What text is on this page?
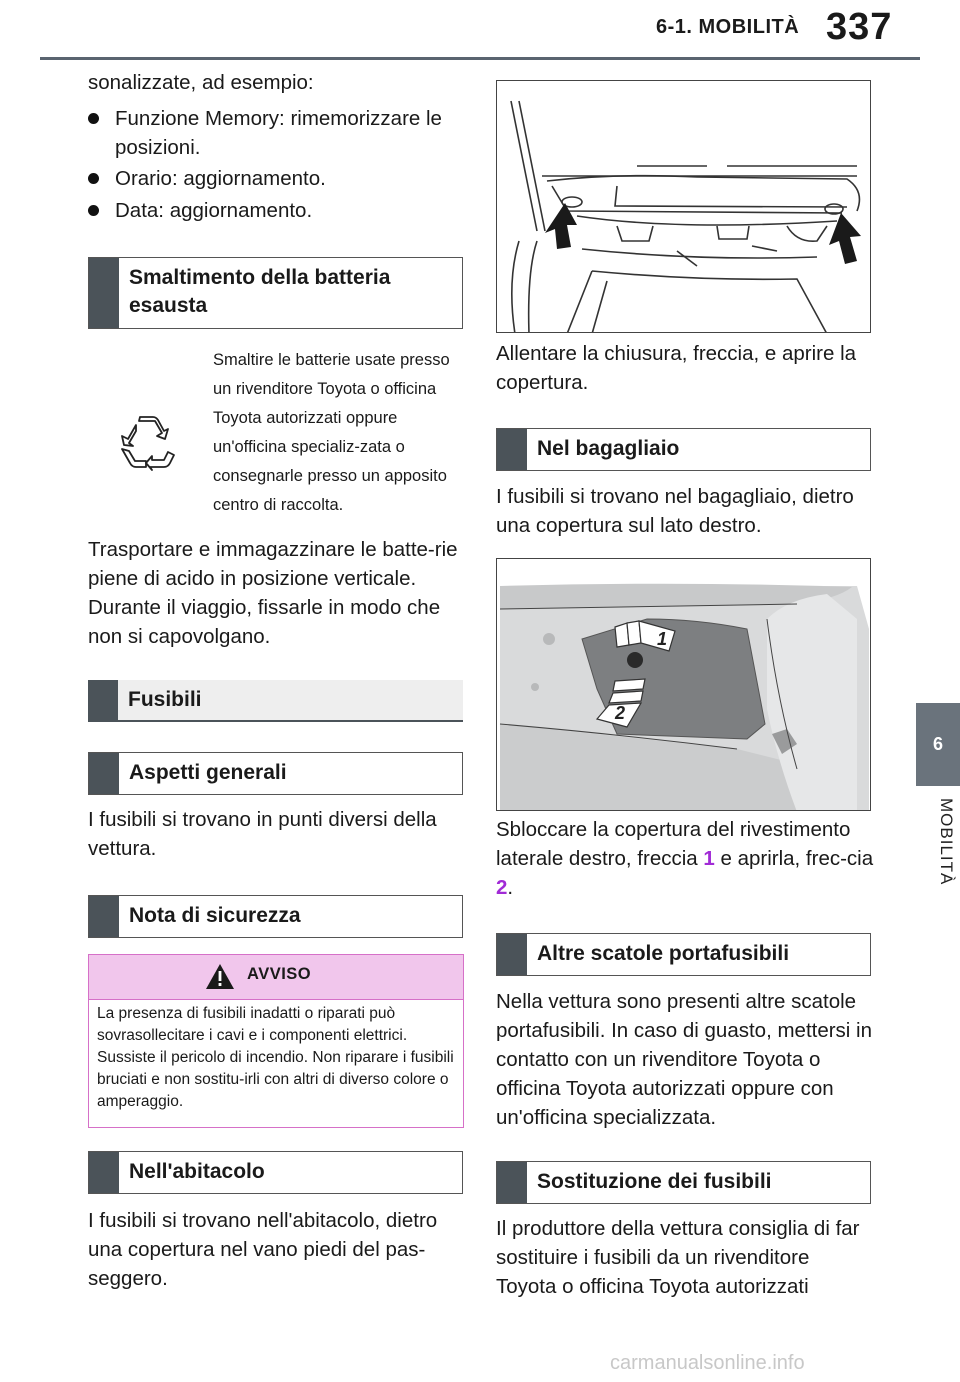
6-1. MOBILITÀ 337
6
MOBILITÀ
sonalizzate, ad esempio:
Funzione Memory: rimemorizzare le posizioni.
Orario: aggiornamento.
Data: aggiornamento.
Smaltimento della batteria esausta
Smaltire le batterie usate presso un rivenditore Toyota o officina Toyota autorizzati oppure un'officina specializ-zata o consegnarle presso un apposito centro di raccolta.
Trasportare e immagazzinare le batte-rie piene di acido in posizione verticale. Durante il viaggio, fissarle in modo che non si capovolgano.
Fusibili
Aspetti generali
I fusibili si trovano in punti diversi della vettura.
Nota di sicurezza
AVVISO
La presenza di fusibili inadatti o riparati può sovrasollecitare i cavi e i componenti elettrici. Sussiste il pericolo di incendio. Non riparare i fusibili bruciati e non sostitu-irli con altri di diverso colore o amperaggio.
Nell'abitacolo
I fusibili si trovano nell'abitacolo, dietro una copertura nel vano piedi del pas-seggero.
Allentare la chiusura, freccia, e aprire la copertura.
Nel bagagliaio
I fusibili si trovano nel bagagliaio, dietro una copertura sul lato destro.
1
2
Sbloccare la copertura del rivestimento laterale destro, freccia 1 e aprirla, frec-cia 2.
Altre scatole portafusibili
Nella vettura sono presenti altre scatole portafusibili. In caso di guasto, mettersi in contatto con un rivenditore Toyota o officina Toyota autorizzati oppure con un'officina specializzata.
Sostituzione dei fusibili
Il produttore della vettura consiglia di far sostituire i fusibili da un rivenditore Toyota o officina Toyota autorizzati
carmanualsonline.info
